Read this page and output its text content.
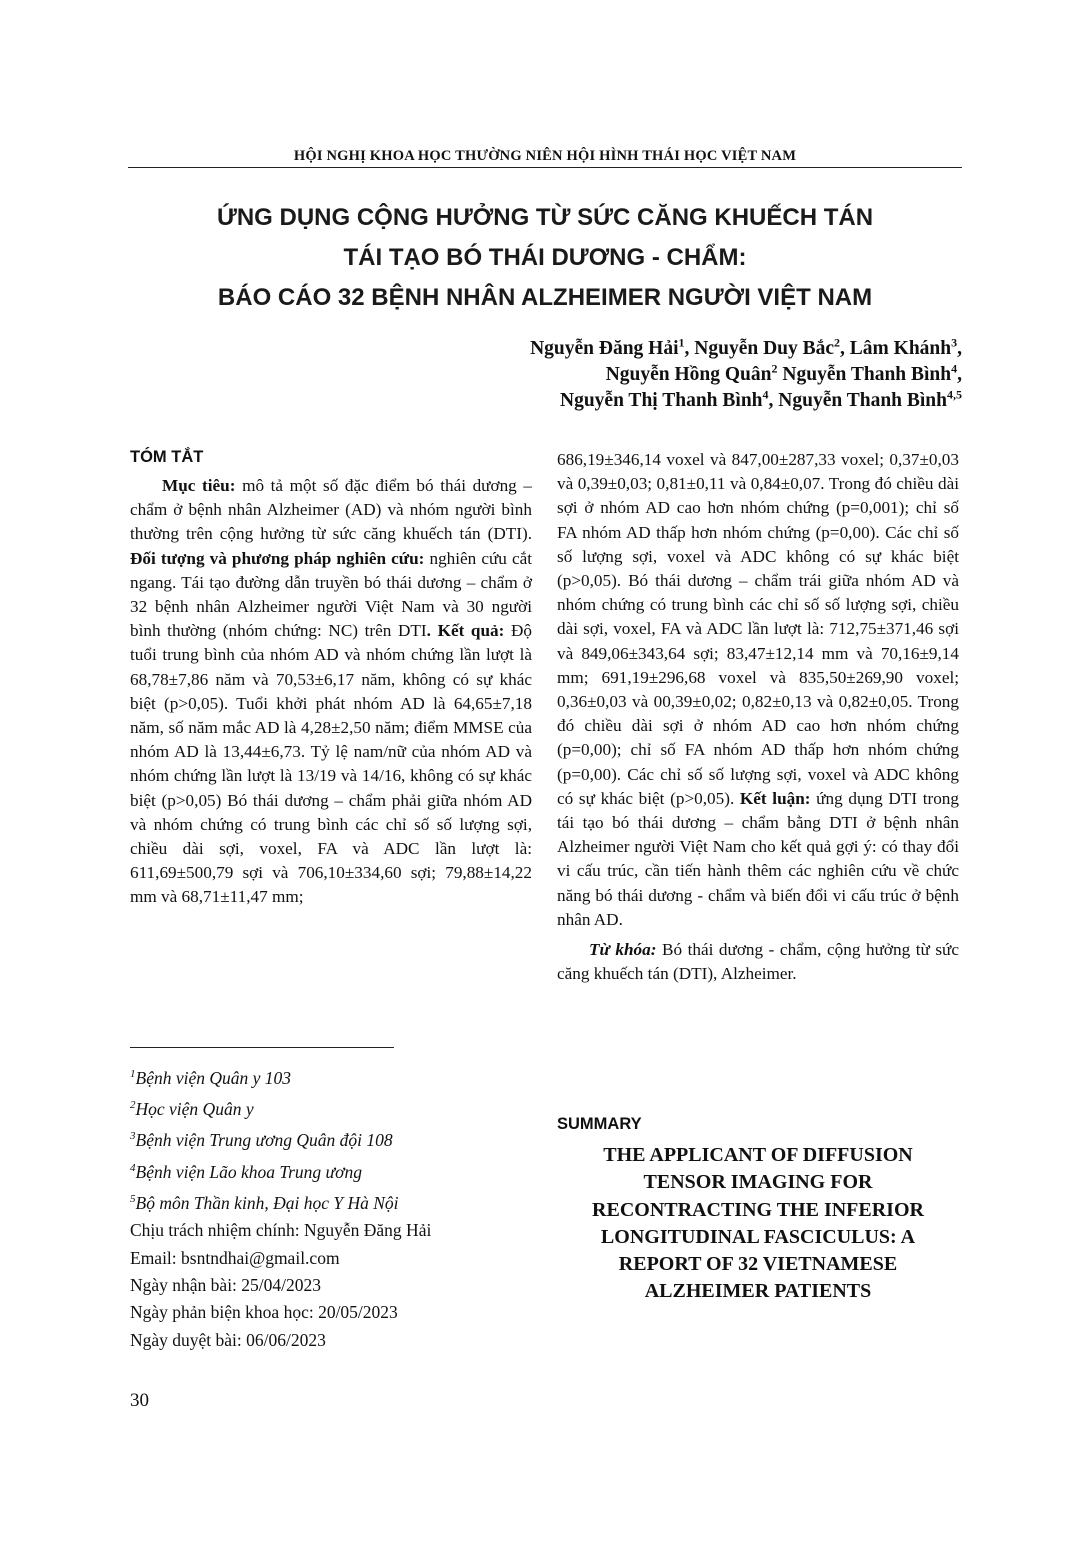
HỘI NGHỊ KHOA HỌC THƯỜNG NIÊN HỘI HÌNH THÁI HỌC VIỆT NAM
ỨNG DỤNG CỘNG HƯỞNG TỪ SỨC CĂNG KHUẾCH TÁN
TÁI TẠO BÓ THÁI DƯƠNG - CHẨM:
BÁO CÁO 32 BỆNH NHÂN ALZHEIMER NGƯỜI VIỆT NAM
Nguyễn Đăng Hải$^1$, Nguyễn Duy Bắc$^2$, Lâm Khánh$^3$,
Nguyễn Hồng Quân$^2$ Nguyễn Thanh Bình$^4$,
Nguyễn Thị Thanh Bình$^4$, Nguyễn Thanh Bình$^{4,5}$
TÓM TẮT

Mục tiêu: mô tả một số đặc điểm bó thái dương – chẩm ở bệnh nhân Alzheimer (AD) và nhóm người bình thường trên cộng hưởng từ sức căng khuếch tán (DTI). Đối tượng và phương pháp nghiên cứu: nghiên cứu cắt ngang. Tái tạo đường dẫn truyền bó thái dương – chẩm ở 32 bệnh nhân Alzheimer người Việt Nam và 30 người bình thường (nhóm chứng: NC) trên DTI. Kết quả: Độ tuổi trung bình của nhóm AD và nhóm chứng lần lượt là 68,78±7,86 năm và 70,53±6,17 năm, không có sự khác biệt (p>0,05). Tuổi khởi phát nhóm AD là 64,65±7,18 năm, số năm mắc AD là 4,28±2,50 năm; điểm MMSE của nhóm AD là 13,44±6,73. Tỷ lệ nam/nữ của nhóm AD và nhóm chứng lần lượt là 13/19 và 14/16, không có sự khác biệt (p>0,05) Bó thái dương – chẩm phải giữa nhóm AD và nhóm chứng có trung bình các chỉ số số lượng sợi, chiều dài sợi, voxel, FA và ADC lần lượt là: 611,69±500,79 sợi và 706,10±334,60 sợi; 79,88±14,22 mm và 68,71±11,47 mm;

686,19±346,14 voxel và 847,00±287,33 voxel; 0,37±0,03 và 0,39±0,03; 0,81±0,11 và 0,84±0,07. Trong đó chiều dài sợi ở nhóm AD cao hơn nhóm chứng (p=0,001); chỉ số FA nhóm AD thấp hơn nhóm chứng (p=0,00). Các chỉ số số lượng sợi, voxel và ADC không có sự khác biệt (p>0,05). Bó thái dương – chẩm trái giữa nhóm AD và nhóm chứng có trung bình các chỉ số số lượng sợi, chiều dài sợi, voxel, FA và ADC lần lượt là: 712,75±371,46 sợi và 849,06±343,64 sợi; 83,47±12,14 mm và 70,16±9,14 mm; 691,19±296,68 voxel và 835,50±269,90 voxel; 0,36±0,03 và 00,39±0,02; 0,82±0,13 và 0,82±0,05. Trong đó chiều dài sợi ở nhóm AD cao hơn nhóm chứng (p=0,00); chỉ số FA nhóm AD thấp hơn nhóm chứng (p=0,00). Các chỉ số số lượng sợi, voxel và ADC không có sự khác biệt (p>0,05). Kết luận: ứng dụng DTI trong tái tạo bó thái dương – chẩm bằng DTI ở bệnh nhân Alzheimer người Việt Nam cho kết quả gợi ý: có thay đổi vi cấu trúc, cần tiến hành thêm các nghiên cứu về chức năng bó thái dương - chẩm và biến đổi vi cấu trúc ở bệnh nhân AD.

Từ khóa: Bó thái dương - chẩm, cộng hưởng từ sức căng khuếch tán (DTI), Alzheimer.

$^1$Bệnh viện Quân y 103
$^2$Học viện Quân y
$^3$Bệnh viện Trung ương Quân đội 108
$^4$Bệnh viện Lão khoa Trung ương
$^5$Bộ môn Thần kinh, Đại học Y Hà Nội
Chịu trách nhiệm chính: Nguyễn Đăng Hải
Email: bsntndhai@gmail.com
Ngày nhận bài: 25/04/2023
Ngày phản biện khoa học: 20/05/2023
Ngày duyệt bài: 06/06/2023
SUMMARY
THE APPLICANT OF DIFFUSION
TENSOR IMAGING FOR
RECONTRACTING THE INFERIOR
LONGITUDINAL FASCICULUS: A
REPORT OF 32 VIETNAMESE
ALZHEIMER PATIENTS
30
